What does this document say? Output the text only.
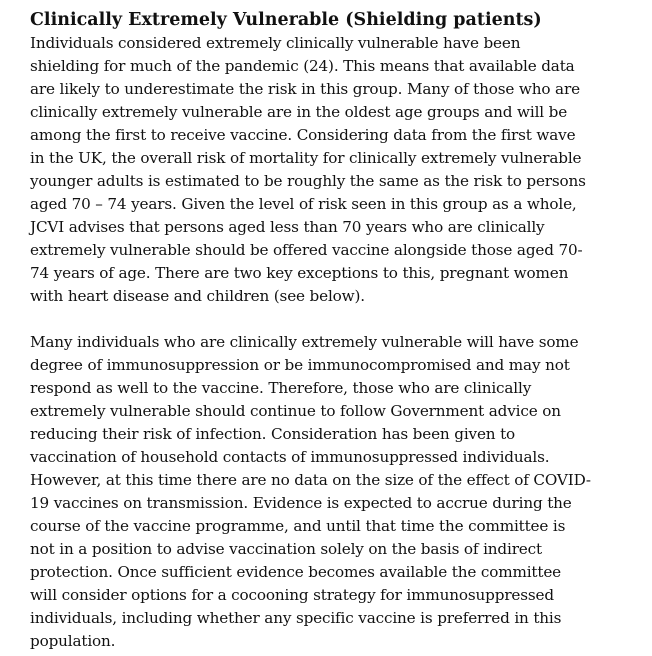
Clinically Extremely Vulnerable (Shielding patients)

Individuals considered extremely clinically vulnerable have been
shielding for much of the pandemic (24). This means that available data
are likely to underestimate the risk in this group. Many of those who are
clinically extremely vulnerable are in the oldest age groups and will be
among the first to receive vaccine. Considering data from the first wave
in the UK, the overall risk of mortality for clinically extremely vulnerable
younger adults is estimated to be roughly the same as the risk to persons
aged 70 – 74 years. Given the level of risk seen in this group as a whole,
JCVI advises that persons aged less than 70 years who are clinically
extremely vulnerable should be offered vaccine alongside those aged 70-
74 years of age. There are two key exceptions to this, pregnant women
with heart disease and children (see below).

Many individuals who are clinically extremely vulnerable will have some
degree of immunosuppression or be immunocompromised and may not
respond as well to the vaccine. Therefore, those who are clinically
extremely vulnerable should continue to follow Government advice on
reducing their risk of infection. Consideration has been given to
vaccination of household contacts of immunosuppressed individuals.
However, at this time there are no data on the size of the effect of COVID-
19 vaccines on transmission. Evidence is expected to accrue during the
course of the vaccine programme, and until that time the committee is
not in a position to advise vaccination solely on the basis of indirect
protection. Once sufficient evidence becomes available the committee
will consider options for a cocooning strategy for immunosuppressed
individuals, including whether any specific vaccine is preferred in this
population.
